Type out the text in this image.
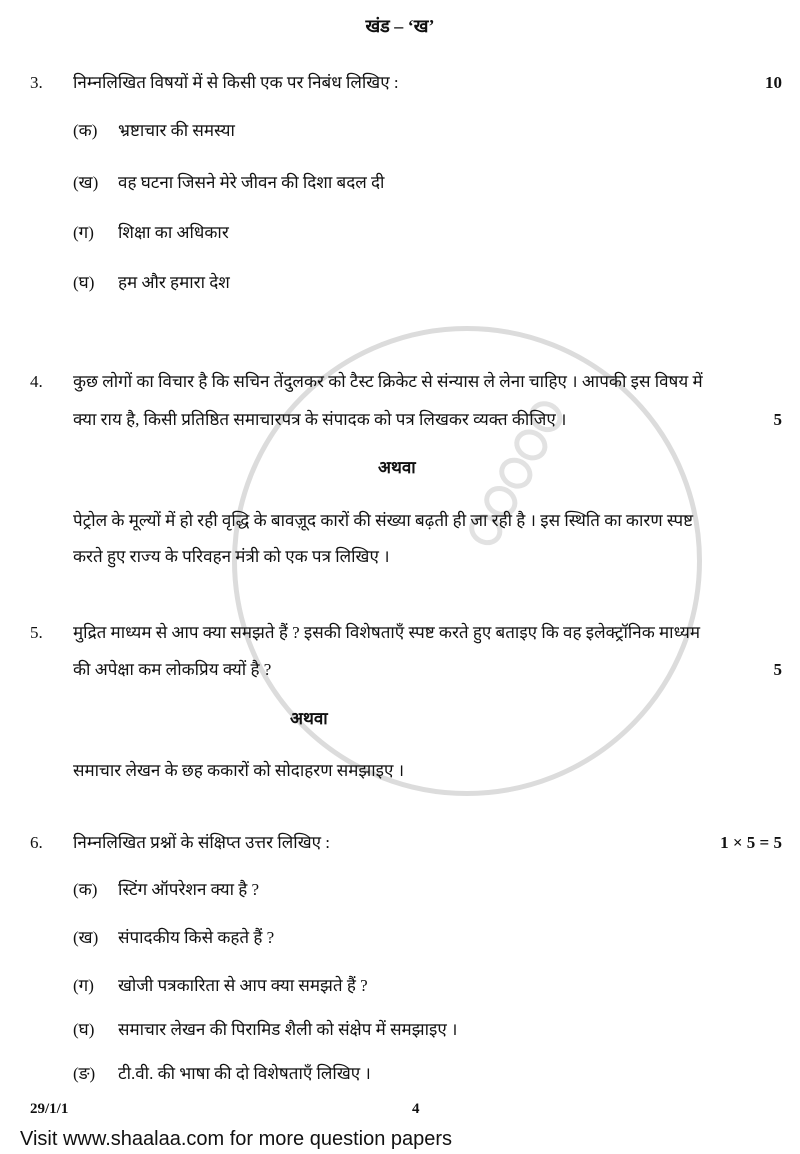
खंड – ‘ख’
3. निम्नलिखित विषयों में से किसी एक पर निबंध लिखिए :	10
(क) भ्रष्टाचार की समस्या
(ख) वह घटना जिसने मेरे जीवन की दिशा बदल दी
(ग) शिक्षा का अधिकार
(घ) हम और हमारा देश
4. कुछ लोगों का विचार है कि सचिन तेंदुलकर को टैस्ट क्रिकेट से संन्यास ले लेना चाहिए । आपकी इस विषय में
क्या राय है, किसी प्रतिष्ठित समाचारपत्र के संपादक को पत्र लिखकर व्यक्त कीजिए ।	5
अथवा
पेट्रोल के मूल्यों में हो रही वृद्धि के बावज़ूद कारों की संख्या बढ़ती ही जा रही है । इस स्थिति का कारण स्पष्ट
करते हुए राज्य के परिवहन मंत्री को एक पत्र लिखिए ।
5. मुद्रित माध्यम से आप क्या समझते हैं ? इसकी विशेषताएँ स्पष्ट करते हुए बताइए कि वह इलेक्ट्रॉनिक माध्यम
की अपेक्षा कम लोकप्रिय क्यों है ?	5
अथवा
समाचार लेखन के छह ककारों को सोदाहरण समझाइए ।
6. निम्नलिखित प्रश्नों के संक्षिप्त उत्तर लिखिए :	1 × 5 = 5
(क) स्टिंग ऑपरेशन क्या है ?
(ख) संपादकीय किसे कहते हैं ?
(ग) खोजी पत्रकारिता से आप क्या समझते हैं ?
(घ) समाचार लेखन की पिरामिड शैली को संक्षेप में समझाइए ।
(ङ) टी.वी. की भाषा की दो विशेषताएँ लिखिए ।
29/1/1	4
Visit www.shaalaa.com for more question papers
